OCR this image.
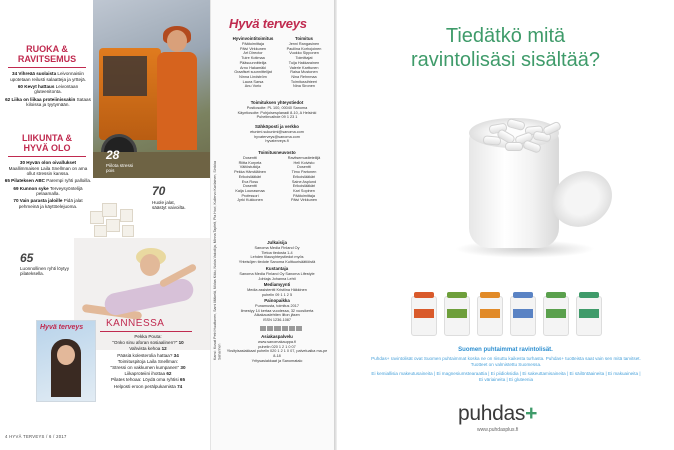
RUOKA &
RAVITSEMUS

34 Vihreää suolaista Leivonnaisiin upotetaan reilusti salaatteja ja yrttejä.

60 Kevyt hattaus Leivontaan gluteenitonta.

62 Liika on liikaa proteiinissakin Sataas kiloissa ja tyytymään.

LIIKUNTA &
HYVÄ OLO

30 Hyvän olon oivallukset Maallimmaisen Laila Snellman on ama ollut stressin kanssa.

65 Pilateksen ABC Parempi ryhti palloilla.

69 Kunnon syke Terveysyöntelijä pelaamalla.

70 Vain parasta jaloille Pidä jalat pehmeinä ja käyttöelejuoma.

28
Piilota stressi pois
70
Huole jalat, säästyt vaivoilta.
65
Luonnollinen ryhti löytyy pilateksella.
Hyvä terveys KANNESSA

Pekka Pouta:

"Onko sinu aforan sosiaalinen?" 10

Vahvista kehoa 12

Pääsiä kolesterolia hattaa? 34

Toimituspitoja Laila Snellman:

"Stressi on vakkumen kumpanen" 30

Liikaproteiini ihottaa 62

Pilates tehoaa: Löydä oma ryhtisi 65

Helposti eroon perälpukamista 74

4 HYVÄ TERVEYS / 6 / 2017
Hyvä terveys
Kansi: Kuvat Petri Huuttunen, Sami Mäkelä, Niklas Kiklu, Nokia Vakoilija, Minna Tapfelt, Pia Hovi, Kullervo Karilainen, Sinikka Saharinen
Hyvinvointitoimitus

Päätoimittaja

Päivi Virkkunen

Art Director

Tuire Kotimaa

Pääsuunnittelija

Arno Hakamäki

Graafiset suunnittelijat

Ninna Lindström

Laura Sarsa

Anu Vorio

Toimitus

Jenni Rangasinen

Pauliina Korhojoinen

Vuokko Sipponen

Toimittajat

Tuija Hakkarainen

Valerie Karttunen

Raisa Mustonen

Nina Rehnmaa

Toimitussihteeri

Nina Sironen

Toimituksen yhteystiedot

Postiosoite: PL 100, 00040 Sanoma

Käyntiosoite: Pohjoisesplanadi 8-10, A Helsinki

Puhelinvaihde 09 1 23 1

Sähköposti ja verkko

etunimi.sukunimi@sanoma.com

hyvaterveys@sanoma.com

hyvaterveys.fi

Toimitusneuvosto

Dosentti

Riitta Korpela

Väitöstutkija

Pekka Hämäläinen

Erikoislääkäri

Eva Rosu

Dosentti

Kaija Lounasmaa

Professori

Jyrki Kukkonen

Ravitsemustieteilijä

Heli Koivisto

Dosentti

Timo Partonen

Erikoislääkäri

Saine Asplund

Erikoislääkäri

Kari Sopinen

Päätoimittaja

Päivi Virkkunen

Julkaisija

Sanoma Media Finland Oy

Tietoa tiedosta 1-4

Lehden tilausyhteystiedot myös

Yhteisöjen tiedote Sanoma Kulttuurisäätiöistä

Kustantaja

Sanoma Media Finland Oy Sanoma Lifestyle

Johtaja Johanna Lehti

Mediamyynti

Media assistentti Kristiina Häkkinen

puhelin 09 1 1 2 5

Painopaikka

Punamusta, toimitus 2017

Ilmestyy 14 kertaa vuodessa, 32 vuosikerta

Aikakauslehtien liiton jäsen

ISSN 1236-1087

Asiakaspalvelu

www.sanomakauppa.fi

puhelin 020 1 2 1 0 07

Yksityisasiakkaat puhelin 020 1 2 1 0 07, palveluaika ma-pe 8-18

Yritysasiakkaat ja Sanomatalo

Tiedätkö mitä
ravintolisäsi sisältää?
Suomen puhtaimmat ravintolisät.

Puhdas+ ravintolisät ovat Suomen puhtaimmat koska ne on riisuttu kaikesta turhasta. Puhdas+ tuotteista saat vain sen mitä tarvitset. Tuotteet on valmistettu Suomessa.

Ei kemiallisia makeutusaineita | Ei magnesiumstearaattia | Ei piidioksidia | Ei sakeuttamisaineita | Ei säilöntäaineita | Ei makuaineita | Ei väriaineita | Ei gluteenia

puhdas+
www.puhdasplus.fi
